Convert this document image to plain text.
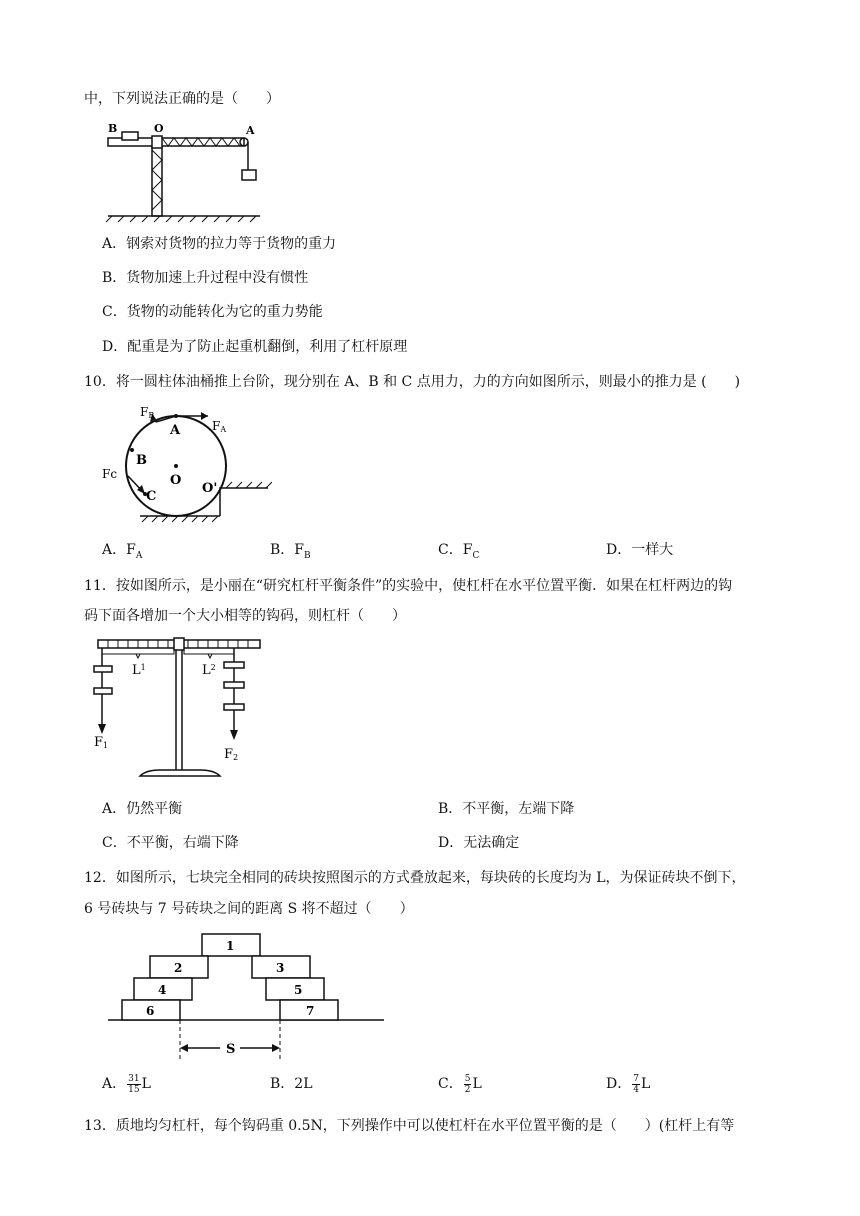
中，下列说法正确的是（　　）
B	O	A
A．钢索对货物的拉力等于货物的重力
B．货物加速上升过程中没有惯性
C．货物的动能转化为它的重力势能
D．配重是为了防止起重机翻倒，利用了杠杆原理
10．将一圆柱体油桶推上台阶，现分别在 A、B 和 C 点用力，力的方向如图所示，则最小的推力是 (　　)
FB
A	FA
B
Fc
C
O
O'
A．$F_A$	B．$F_B$	C．$F_C$	D．一样大
11．按如图所示，是小丽在“研究杠杆平衡条件”的实验中，使杠杆在水平位置平衡．如果在杠杆两边的钩
码下面各增加一个大小相等的钩码，则杠杆（　　）
$L^1$	$L^2$
F1
F2
A．仍然平衡	B．不平衡，左端下降
C．不平衡，右端下降	D．无法确定
12．如图所示，七块完全相同的砖块按照图示的方式叠放起来，每块砖的长度均为 L，为保证砖块不倒下，
6 号砖块与 7 号砖块之间的距离 S 将不超过（　　）
1
2	3
4	5
6	7
S
A． $\frac{31}{15}$ L	B．2L	C． $\frac{5}{2}$ L	D． $\frac{7}{4}$ L
13．质地均匀杠杆，每个钩码重 0.5N，下列操作中可以使杠杆在水平位置平衡的是（　　）(杠杆上有等
